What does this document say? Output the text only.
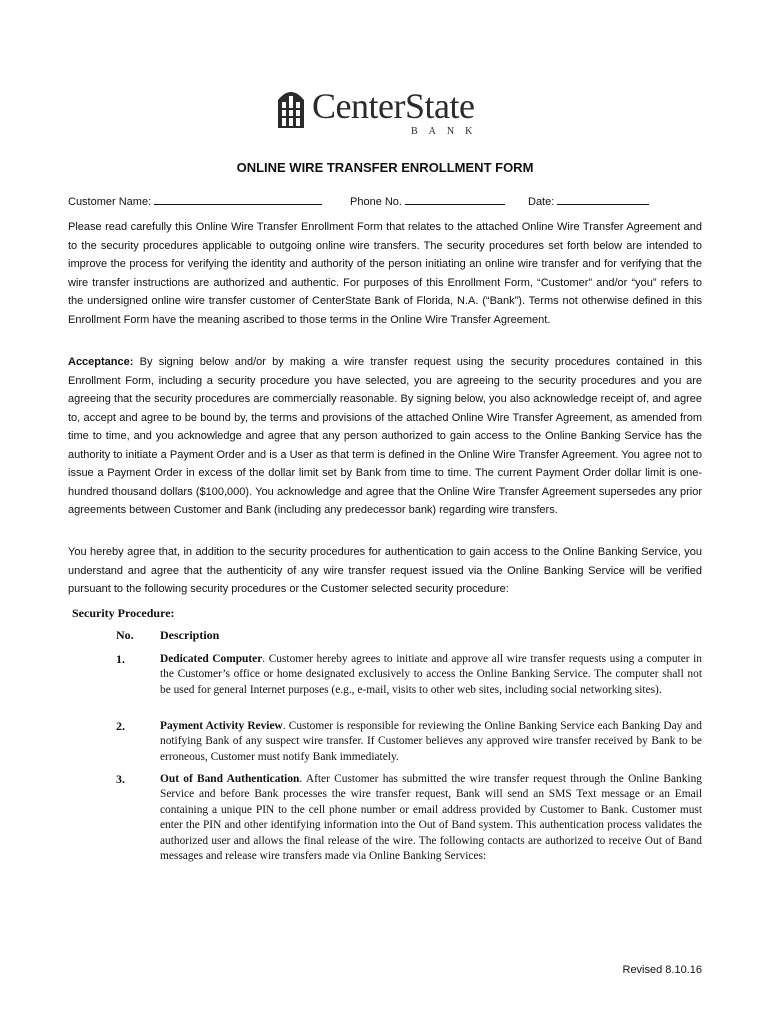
CenterState
BANK
ONLINE WIRE TRANSFER ENROLLMENT FORM
Customer Name:	Phone No.	Date:

Please read carefully this Online Wire Transfer Enrollment Form that relates to the attached Online Wire Transfer Agreement and to the security procedures applicable to outgoing online wire transfers. The security procedures set forth below are intended to improve the process for verifying the identity and authority of the person initiating an online wire transfer and for verifying that the wire transfer instructions are authorized and authentic. For purposes of this Enrollment Form, “Customer” and/or “you” refers to the undersigned online wire transfer customer of CenterState Bank of Florida, N.A. (“Bank”). Terms not otherwise defined in this Enrollment Form have the meaning ascribed to those terms in the Online Wire Transfer Agreement.

Acceptance: By signing below and/or by making a wire transfer request using the security procedures contained in this Enrollment Form, including a security procedure you have selected, you are agreeing to the security procedures and you are agreeing that the security procedures are commercially reasonable. By signing below, you also acknowledge receipt of, and agree to, accept and agree to be bound by, the terms and provisions of the attached Online Wire Transfer Agreement, as amended from time to time, and you acknowledge and agree that any person authorized to gain access to the Online Banking Service has the authority to initiate a Payment Order and is a User as that term is defined in the Online Wire Transfer Agreement. You agree not to issue a Payment Order in excess of the dollar limit set by Bank from time to time. The current Payment Order dollar limit is one-hundred thousand dollars ($100,000). You acknowledge and agree that the Online Wire Transfer Agreement supersedes any prior agreements between Customer and Bank (including any predecessor bank) regarding wire transfers.

You hereby agree that, in addition to the security procedures for authentication to gain access to the Online Banking Service, you understand and agree that the authenticity of any wire transfer request issued via the Online Banking Service will be verified pursuant to the following security procedures or the Customer selected security procedure:

Security Procedure:
No. Description
1.	Dedicated Computer. Customer hereby agrees to initiate and approve all wire transfer requests using a computer in the Customer’s office or home designated exclusively to access the Online Banking Service. The computer shall not be used for general Internet purposes (e.g., e-mail, visits to other web sites, including social networking sites).

2.	Payment Activity Review. Customer is responsible for reviewing the Online Banking Service each Banking Day and notifying Bank of any suspect wire transfer. If Customer believes any approved wire transfer received by Bank to be erroneous, Customer must notify Bank immediately.

3.	Out of Band Authentication. After Customer has submitted the wire transfer request through the Online Banking Service and before Bank processes the wire transfer request, Bank will send an SMS Text message or an Email containing a unique PIN to the cell phone number or email address provided by Customer to Bank. Customer must enter the PIN and other identifying information into the Out of Band system. This authentication process validates the authorized user and allows the final release of the wire. The following contacts are authorized to receive Out of Band messages and release wire transfers made via Online Banking Services:

Revised 8.10.16
